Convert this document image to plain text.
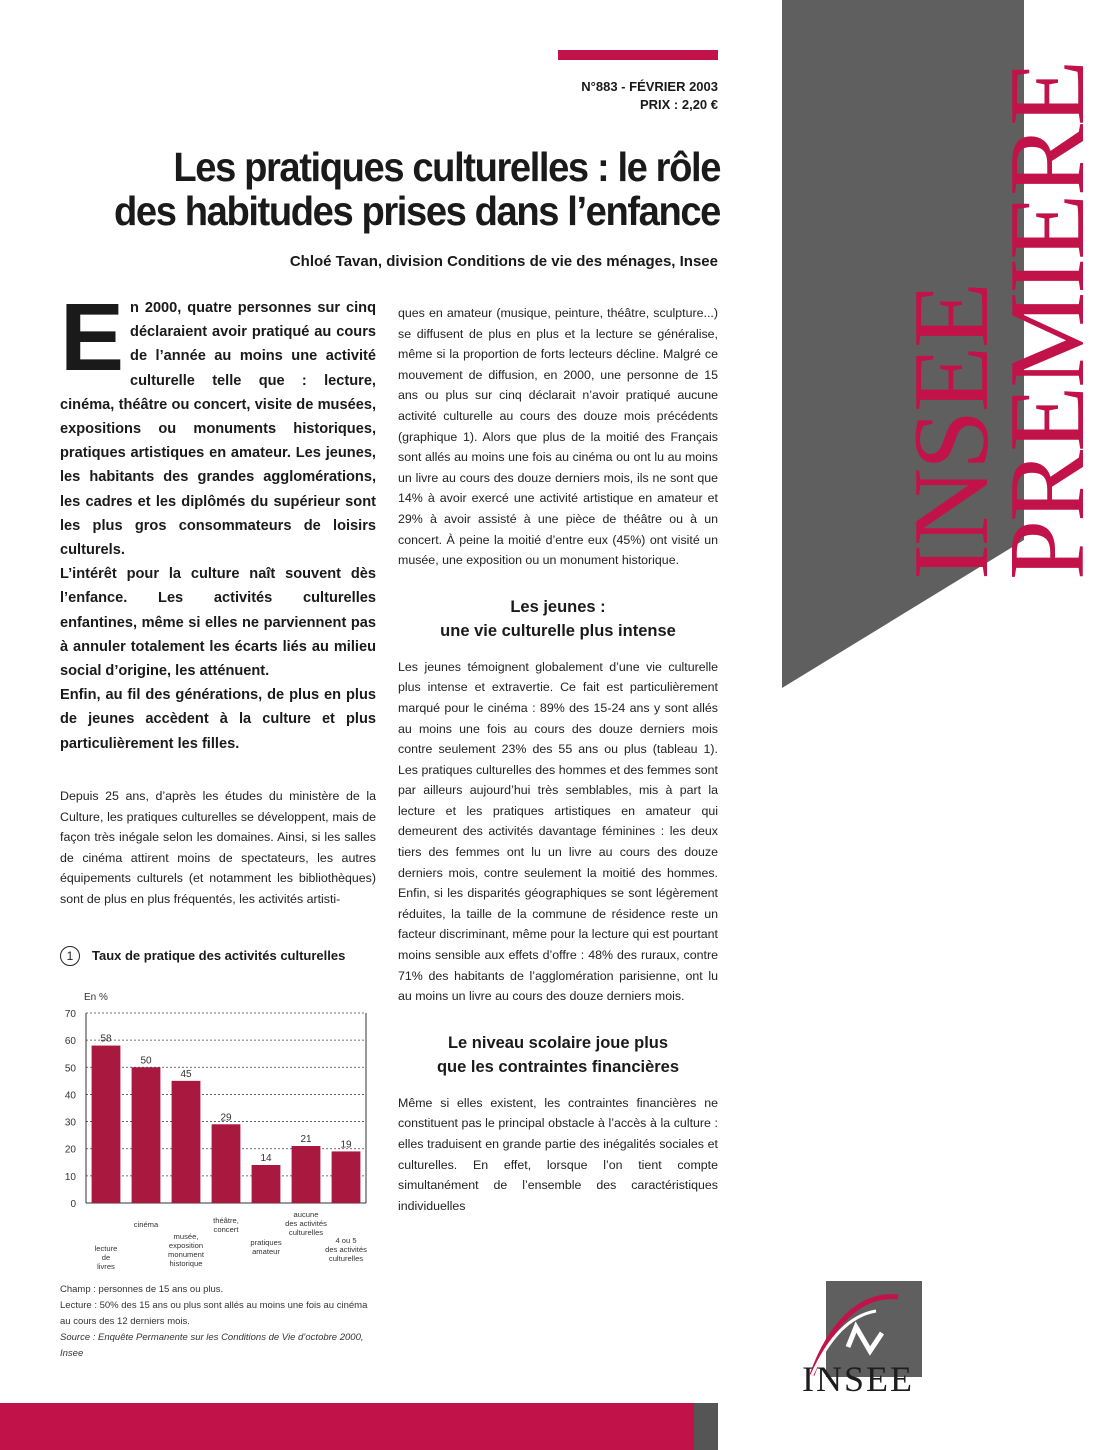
INSEE
PREMIERE
INSEE
N°883 - FÉVRIER 2003
PRIX : 2,20 €
Les pratiques culturelles : le rôle
des habitudes prises dans l’enfance
Chloé Tavan, division Conditions de vie des ménages, Insee
E n 2000, quatre personnes sur cinq déclaraient avoir pratiqué au cours de l’année au moins une activité culturelle telle que : lecture, cinéma, théâtre ou concert, visite de musées, expositions ou monuments historiques, pratiques artistiques en amateur. Les jeunes, les habitants des grandes agglomérations, les cadres et les diplômés du supérieur sont les plus gros consommateurs de loisirs culturels.

L’intérêt pour la culture naît souvent dès l’enfance. Les activités culturelles enfantines, même si elles ne parviennent pas à annuler totalement les écarts liés au milieu social d’origine, les atténuent.

Enfin, au fil des générations, de plus en plus de jeunes accèdent à la culture et plus particulièrement les filles.

Depuis 25 ans, d’après les études du ministère de la Culture, les pratiques culturelles se développent, mais de façon très inégale selon les domaines. Ainsi, si les salles de cinéma attirent moins de spectateurs, les autres équipements culturels (et notamment les bibliothèques) sont de plus en plus fréquentés, les activités artisti-

1 Taux de pratique des activités culturelles
En %
0
10
20
30
40
50
60
70
58
lecture de livres
50
cinéma
45
musée, exposition monument historique
29
théâtre, concert
14
pratiques amateur
21
aucune des activités culturelles
19
4 ou 5 des activités culturelles
Champ : personnes de 15 ans ou plus.
Lecture : 50% des 15 ans ou plus sont allés au moins une fois au cinéma au cours des 12 derniers mois.
Source : Enquête Permanente sur les Conditions de Vie d’octobre 2000, Insee

ques en amateur (musique, peinture, théâtre, sculpture...) se diffusent de plus en plus et la lecture se généralise, même si la proportion de forts lecteurs décline. Malgré ce mouvement de diffusion, en 2000, une personne de 15 ans ou plus sur cinq déclarait n’avoir pratiqué aucune activité culturelle au cours des douze mois précédents (graphique 1). Alors que plus de la moitié des Français sont allés au moins une fois au cinéma ou ont lu au moins un livre au cours des douze derniers mois, ils ne sont que 14% à avoir exercé une activité artistique en amateur et 29% à avoir assisté à une pièce de théâtre ou à un concert. À peine la moitié d’entre eux (45%) ont visité un musée, une exposition ou un monument historique.

Les jeunes :
une vie culturelle plus intense

Les jeunes témoignent globalement d’une vie culturelle plus intense et extravertie. Ce fait est particulièrement marqué pour le cinéma : 89% des 15-24 ans y sont allés au moins une fois au cours des douze derniers mois contre seulement 23% des 55 ans ou plus (tableau 1). Les pratiques culturelles des hommes et des femmes sont par ailleurs aujourd’hui très semblables, mis à part la lecture et les pratiques artistiques en amateur qui demeurent des activités davantage féminines : les deux tiers des femmes ont lu un livre au cours des douze derniers mois, contre seulement la moitié des hommes. Enfin, si les disparités géographiques se sont légèrement réduites, la taille de la commune de résidence reste un facteur discriminant, même pour la lecture qui est pourtant moins sensible aux effets d’offre : 48% des ruraux, contre 71% des habitants de l’agglomération parisienne, ont lu au moins un livre au cours des douze derniers mois.

Le niveau scolaire joue plus
que les contraintes financières

Même si elles existent, les contraintes financières ne constituent pas le principal obstacle à l’accès à la culture : elles traduisent en grande partie des inégalités sociales et culturelles. En effet, lorsque l’on tient compte simultanément de l’ensemble des caractéristiques individuelles
